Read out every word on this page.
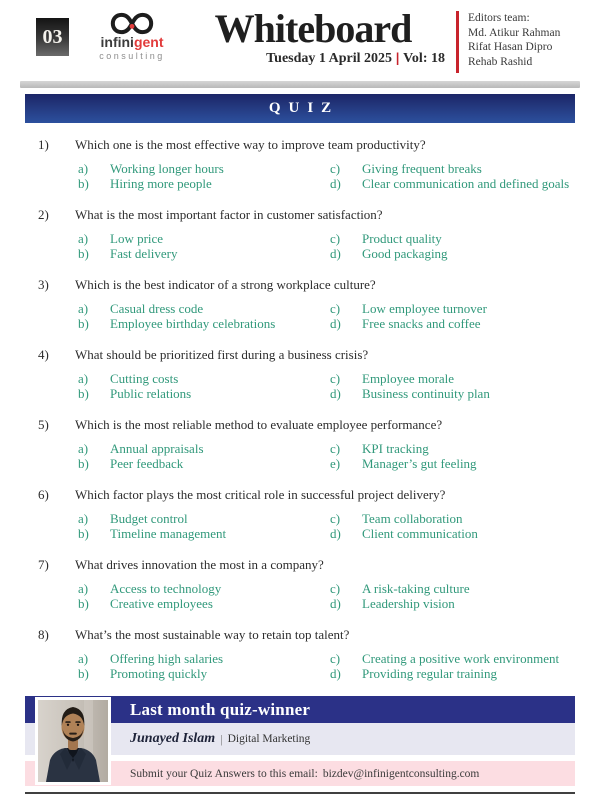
03	infinigent
consulting
Whiteboard
Tuesday 1 April 2025 | Vol: 18
Editors team:
Md. Atikur Rahman
Rifat Hasan Dipro
Rehab Rashid
QUIZ
1)	Which one is the most effective way to improve team productivity?
a)	Working longer hours
b)	Hiring more people
c)	Giving frequent breaks
d)	Clear communication and defined goals
2)	What is the most important factor in customer satisfaction?
a)	Low price
b)	Fast delivery
c)	Product quality
d)	Good packaging
3)	Which is the best indicator of a strong workplace culture?
a)	Casual dress code
b)	Employee birthday celebrations
c)	Low employee turnover
d)	Free snacks and coffee
4)	What should be prioritized first during a business crisis?
a)	Cutting costs
b)	Public relations
c)	Employee morale
d)	Business continuity plan
5)	Which is the most reliable method to evaluate employee performance?
a)	Annual appraisals
b)	Peer feedback
c)	KPI tracking
e)	Manager’s gut feeling
6)	Which factor plays the most critical role in successful project delivery?
a)	Budget control
b)	Timeline management
c)	Team collaboration
d)	Client communication
7)	What drives innovation the most in a company?
a)	Access to technology
b)	Creative employees
c)	A risk-taking culture
d)	Leadership vision
8)	What’s the most sustainable way to retain top talent?
a)	Offering high salaries
b)	Promoting quickly
c)	Creating a positive work environment
d)	Providing regular training
Last month quiz-winner
Junayed Islam | Digital Marketing
Submit your Quiz Answers to this email: bizdev@infinigentconsulting.com
